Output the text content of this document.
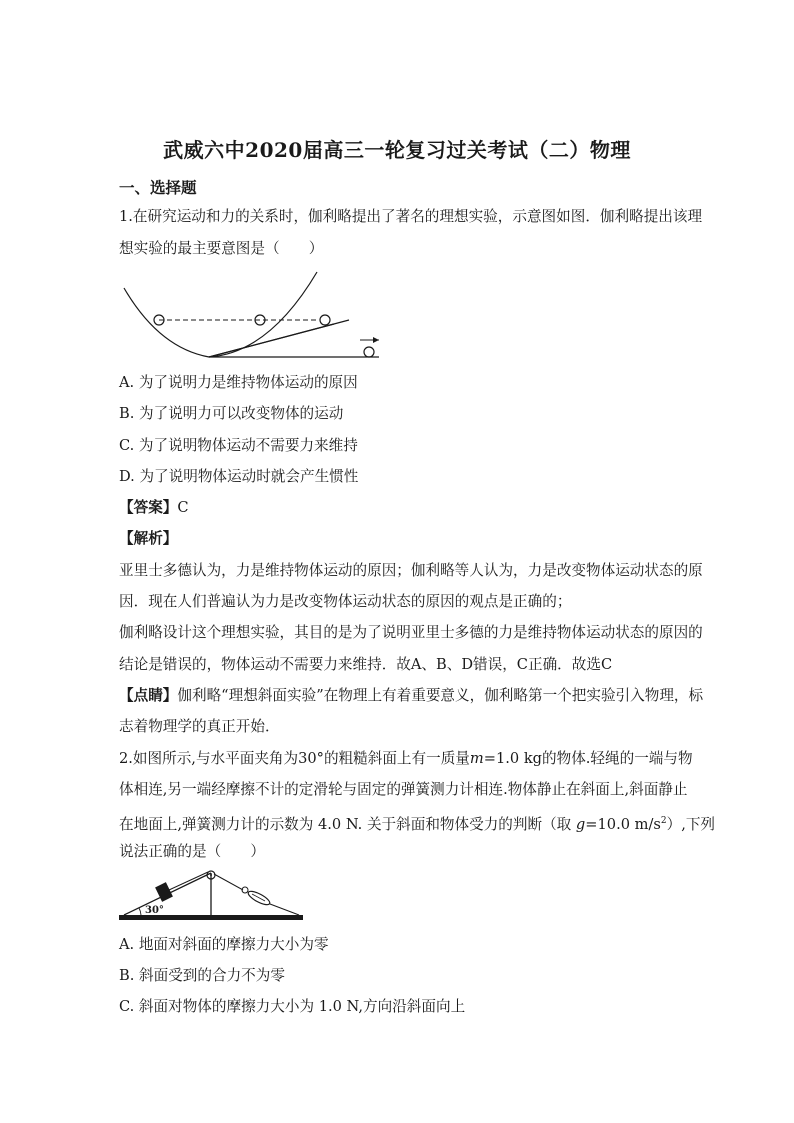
武威六中2020届高三一轮复习过关考试（二）物理
一、选择题
1.在研究运动和力的关系时，伽利略提出了著名的理想实验，示意图如图．伽利略提出该理
想实验的最主要意图是（　　）
A. 为了说明力是维持物体运动的原因
B. 为了说明力可以改变物体的运动
C. 为了说明物体运动不需要力来维持
D. 为了说明物体运动时就会产生惯性
【答案】C
【解析】
亚里士多德认为，力是维持物体运动的原因；伽利略等人认为，力是改变物体运动状态的原
因．现在人们普遍认为力是改变物体运动状态的原因的观点是正确的；
伽利略设计这个理想实验，其目的是为了说明亚里士多德的力是维持物体运动状态的原因的
结论是错误的，物体运动不需要力来维持．故A、B、D错误，C正确．故选C
【点睛】伽利略“理想斜面实验”在物理上有着重要意义，伽利略第一个把实验引入物理，标
志着物理学的真正开始．
2.如图所示,与水平面夹角为30°的粗糙斜面上有一质量m=1.0 kg的物体.轻绳的一端与物
体相连,另一端经摩擦不计的定滑轮与固定的弹簧测力计相连.物体静止在斜面上,斜面静止
在地面上,弹簧测力计的示数为 4.0 N. 关于斜面和物体受力的判断（取 g=10.0 $m/s^2$）,下列
说法正确的是（　　）
30°
A. 地面对斜面的摩擦力大小为零
B. 斜面受到的合力不为零
C. 斜面对物体的摩擦力大小为 1.0 N,方向沿斜面向上
